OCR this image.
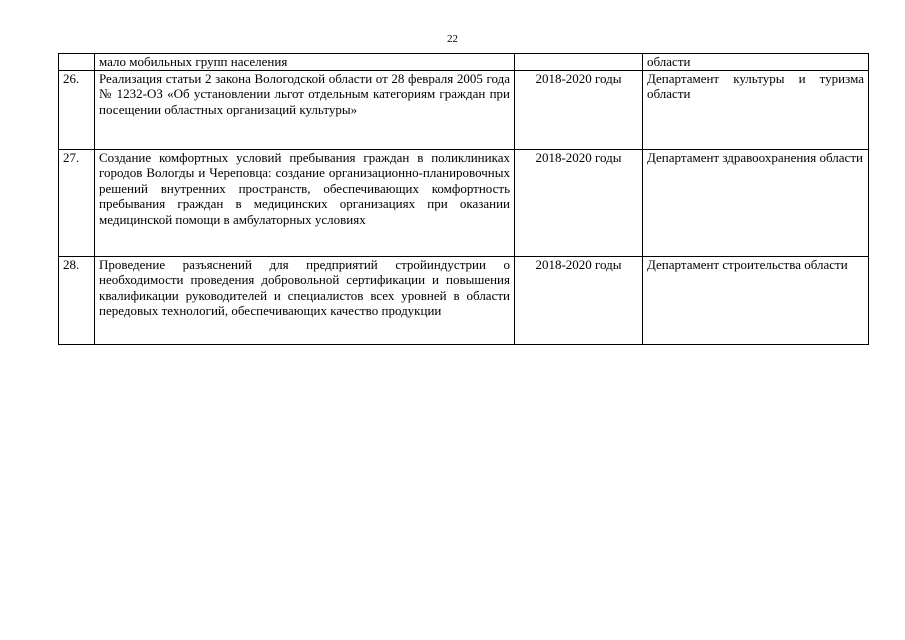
22
	мало мобильных групп населения		области
26.	Реализация статьи 2 закона Вологодской области от 28 февраля 2005 года № 1232-ОЗ «Об установлении льгот отдельным категориям граждан при посещении областных организаций культуры»	2018-2020 годы	Департамент культуры и туризма области
27.	Создание комфортных условий пребывания граждан в поликлиниках городов Вологды и Череповца: создание организационно-планировочных решений внутренних пространств, обеспечивающих комфортность пребывания граждан в медицинских организациях при оказании медицинской помощи в амбулаторных условиях	2018-2020 годы	Департамент здравоохранения области
28.	Проведение разъяснений для предприятий стройиндустрии о необходимости проведения добровольной сертификации и повышения квалификации руководителей и специалистов всех уровней в области передовых технологий, обеспечивающих качество продукции	2018-2020 годы	Департамент строительства области
